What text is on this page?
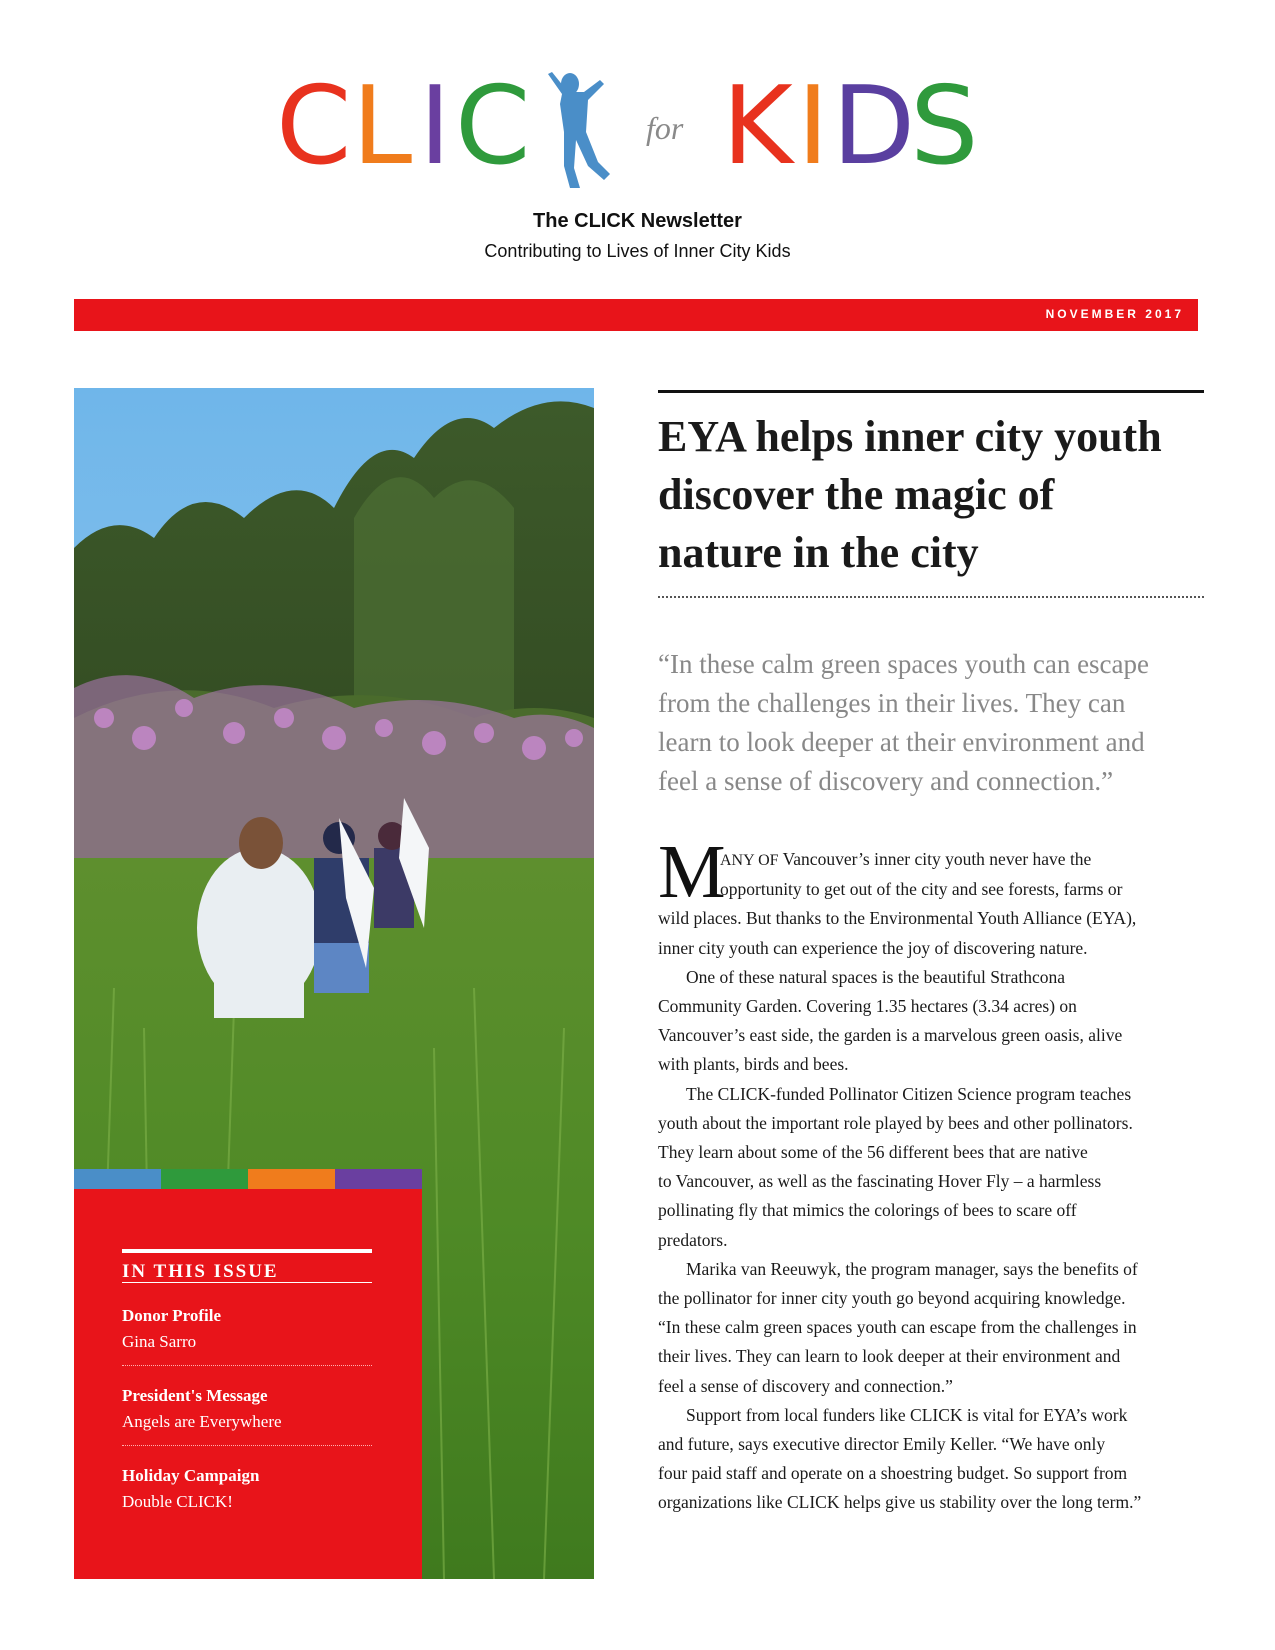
C L I C	for K I D
S
The CLICK Newsletter
Contributing to Lives of Inner City Kids
NOVEMBER 2017
IN THIS ISSUE
Donor Profile
Gina Sarro
President's Message
Angels are Everywhere
Holiday Campaign
Double CLICK!
EYA helps inner city youth
discover the magic of
nature in the city
“In these calm green spaces youth can escape
from the challenges in their lives. They can
learn to look deeper at their environment and
feel a sense of discovery and connection.”
M
ANY OF Vancouver’s inner city youth never have the
opportunity to get out of the city and see forests, farms or
wild places. But thanks to the Environmental Youth Alliance (EYA),
inner city youth can experience the joy of discovering nature.
One of these natural spaces is the beautiful Strathcona
Community Garden. Covering 1.35 hectares (3.34 acres) on
Vancouver’s east side, the garden is a marvelous green oasis, alive
with plants, birds and bees.
The CLICK-funded Pollinator Citizen Science program teaches
youth about the important role played by bees and other pollinators.
They learn about some of the 56 different bees that are native
to Vancouver, as well as the fascinating Hover Fly – a harmless
pollinating fly that mimics the colorings of bees to scare off
predators.
Marika van Reeuwyk, the program manager, says the benefits of
the pollinator for inner city youth go beyond acquiring knowledge.
“In these calm green spaces youth can escape from the challenges in
their lives. They can learn to look deeper at their environment and
feel a sense of discovery and connection.”
Support from local funders like CLICK is vital for EYA’s work
and future, says executive director Emily Keller. “We have only
four paid staff and operate on a shoestring budget. So support from
organizations like CLICK helps give us stability over the long term.”
